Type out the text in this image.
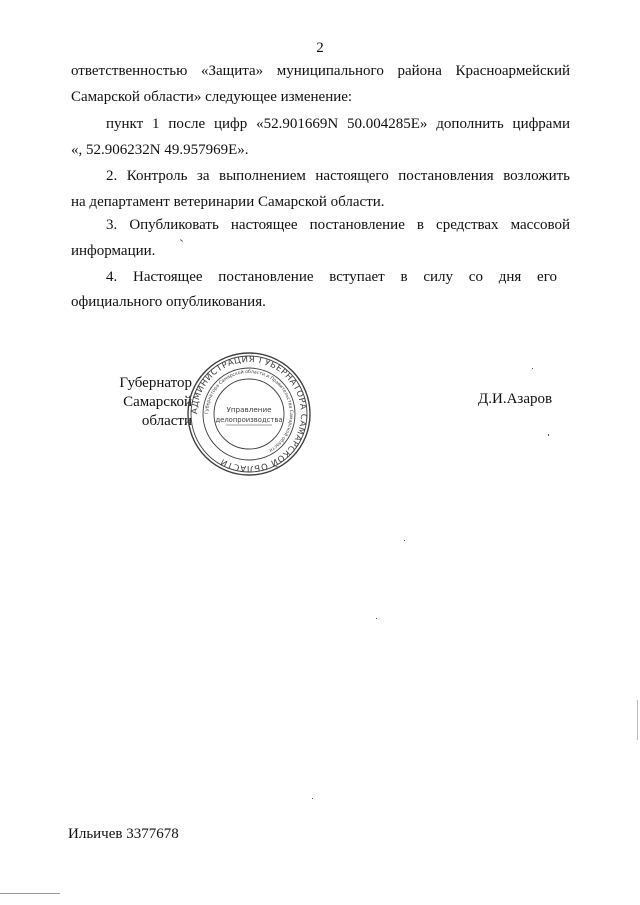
2
ответственностью «Защита» муниципального района Красноармейский
Самарской области» следующее изменение:
пункт 1 после цифр «52.901669N 50.004285E» дополнить цифрами
«, 52.906232N 49.957969E».
2. Контроль за выполнением настоящего постановления возложить
на департамент ветеринарии Самарской области.
3. Опубликовать настоящее постановление в средствах массовой
информации.
4. Настоящее постановление вступает в силу со дня его
официального опубликования.
Губернатор
Самарской области
АДМИНИСТРАЦИЯ ГУБЕРНАТОРА САМАРСКОЙ ОБЛАСТИ
Губернатора Самарской области и Правительства Самарской области
Управление
делопроизводства
Д.И.Азаров
Ильичев 3377678
